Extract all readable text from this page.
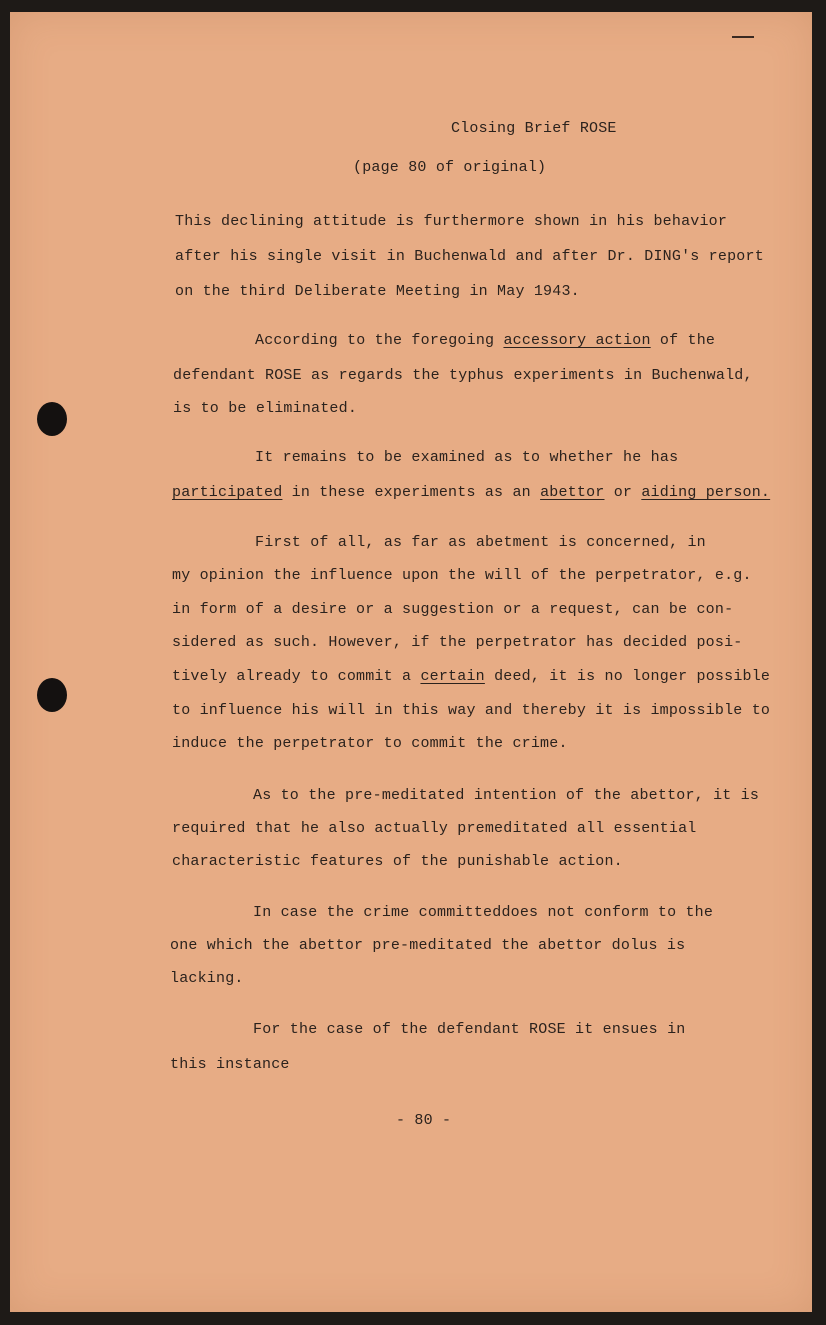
Closing Brief ROSE

(page 80 of original)

This declining attitude is furthermore shown in his behavior

after his single visit in Buchenwald and after Dr. DING's report

on the third Deliberate Meeting in May 1943.

According to the foregoing accessory action of the

defendant ROSE as regards the typhus experiments in Buchenwald,

is to be eliminated.

It remains to be examined as to whether he has

participated in these experiments as an abettor or aiding person.

First of all, as far as abetment is concerned, in

my opinion the influence upon the will of the perpetrator, e.g.

in form of a desire or a suggestion or a request, can be con-

sidered as such. However, if the perpetrator has decided posi-

tively already to commit a certain deed, it is no longer possible

to influence his will in this way and thereby it is impossible to

induce the perpetrator to commit the crime.

As to the pre-meditated intention of the abettor, it is

required that he also actually premeditated all essential

characteristic features of the punishable action.

In case the crime committeddoes not conform to the

one which the abettor pre-meditated the abettor dolus is

lacking.

For the case of the defendant ROSE it ensues in

this instance

- 80 -
